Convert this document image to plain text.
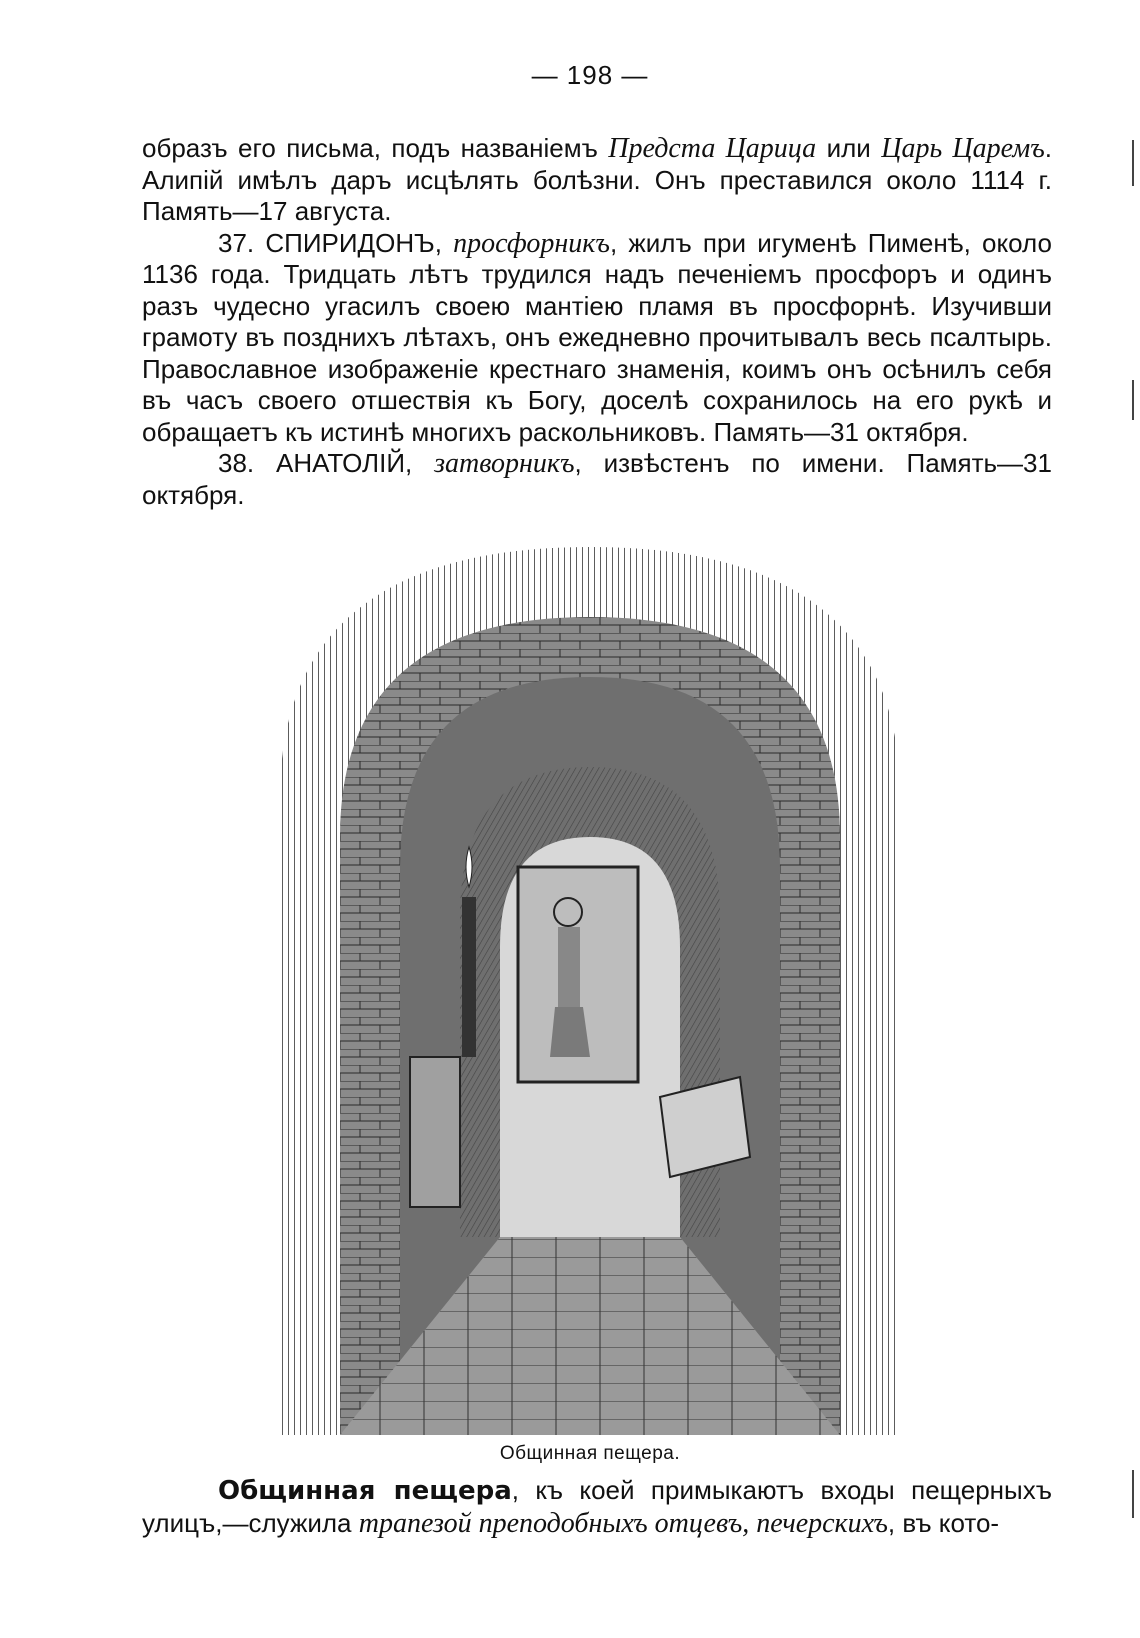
— 198 —

образъ его письма, подъ названіемъ Предста Царица или Царь Царемъ. Алипій имѣлъ даръ исцѣлять болѣзни. Онъ преставился около 1114 г. Память—17 августа.

37. СПИРИДОНЪ, просфорникъ, жилъ при игуменѣ Пименѣ, около 1136 года. Тридцать лѣтъ трудился надъ печеніемъ просфоръ и одинъ разъ чудесно угасилъ своею мантіею пламя въ просфорнѣ. Изучивши грамоту въ позднихъ лѣтахъ, онъ ежедневно прочитывалъ весь псалтырь. Православное изображеніе крестнаго знаменія, коимъ онъ осѣнилъ себя въ часъ своего отшествія къ Богу, доселѣ сохранилось на его рукѣ и обращаетъ къ истинѣ многихъ раскольниковъ. Память—31 октября.

38. АНАТОЛІЙ, затворникъ, извѣстенъ по имени. Память—31 октября.

Общинная пещера.

Общинная пещера, къ коей примыкаютъ входы пещерныхъ улицъ,—служила трапезой преподобныхъ отцевъ, печерскихъ, въ кото-
